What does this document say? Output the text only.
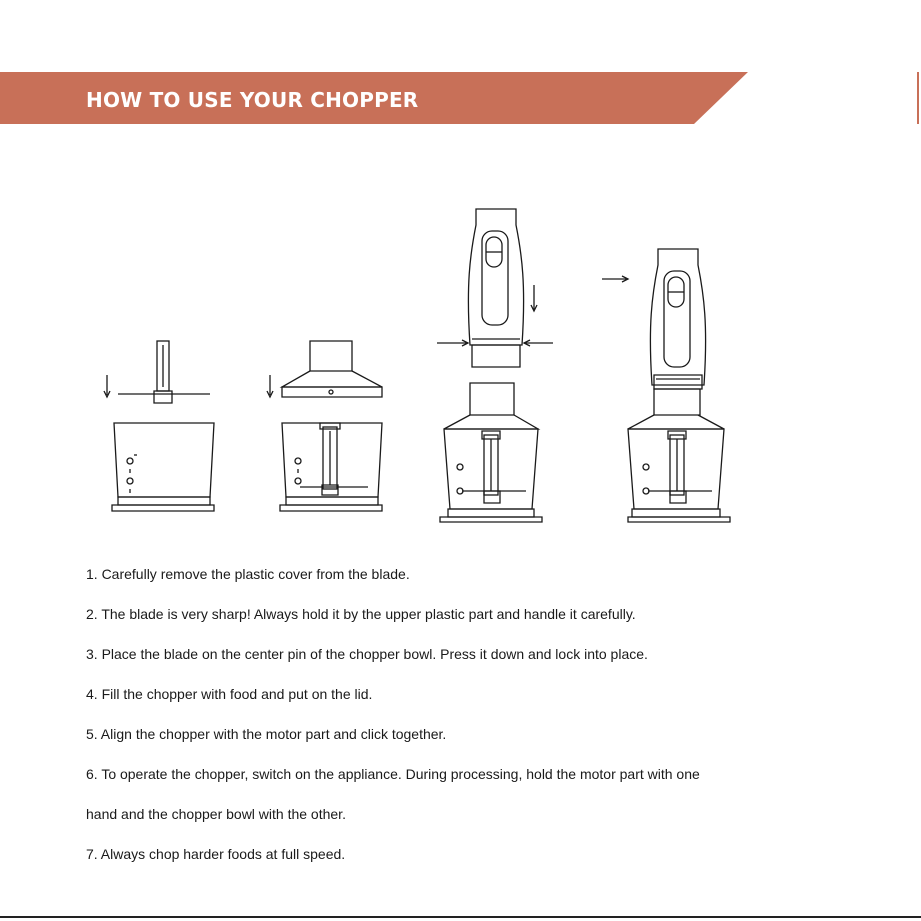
HOW TO USE YOUR CHOPPER
1. Carefully remove the plastic cover from the blade.
2. The blade is very sharp! Always hold it by the upper plastic part and handle it carefully.
3. Place the blade on the center pin of the chopper bowl. Press it down and lock into place.
4. Fill the chopper with food and put on the lid.
5. Align the chopper with the motor part and click together.
6. To operate the chopper, switch on the appliance. During processing, hold the motor part with one
hand and the chopper bowl with the other.
7. Always chop harder foods at full speed.
